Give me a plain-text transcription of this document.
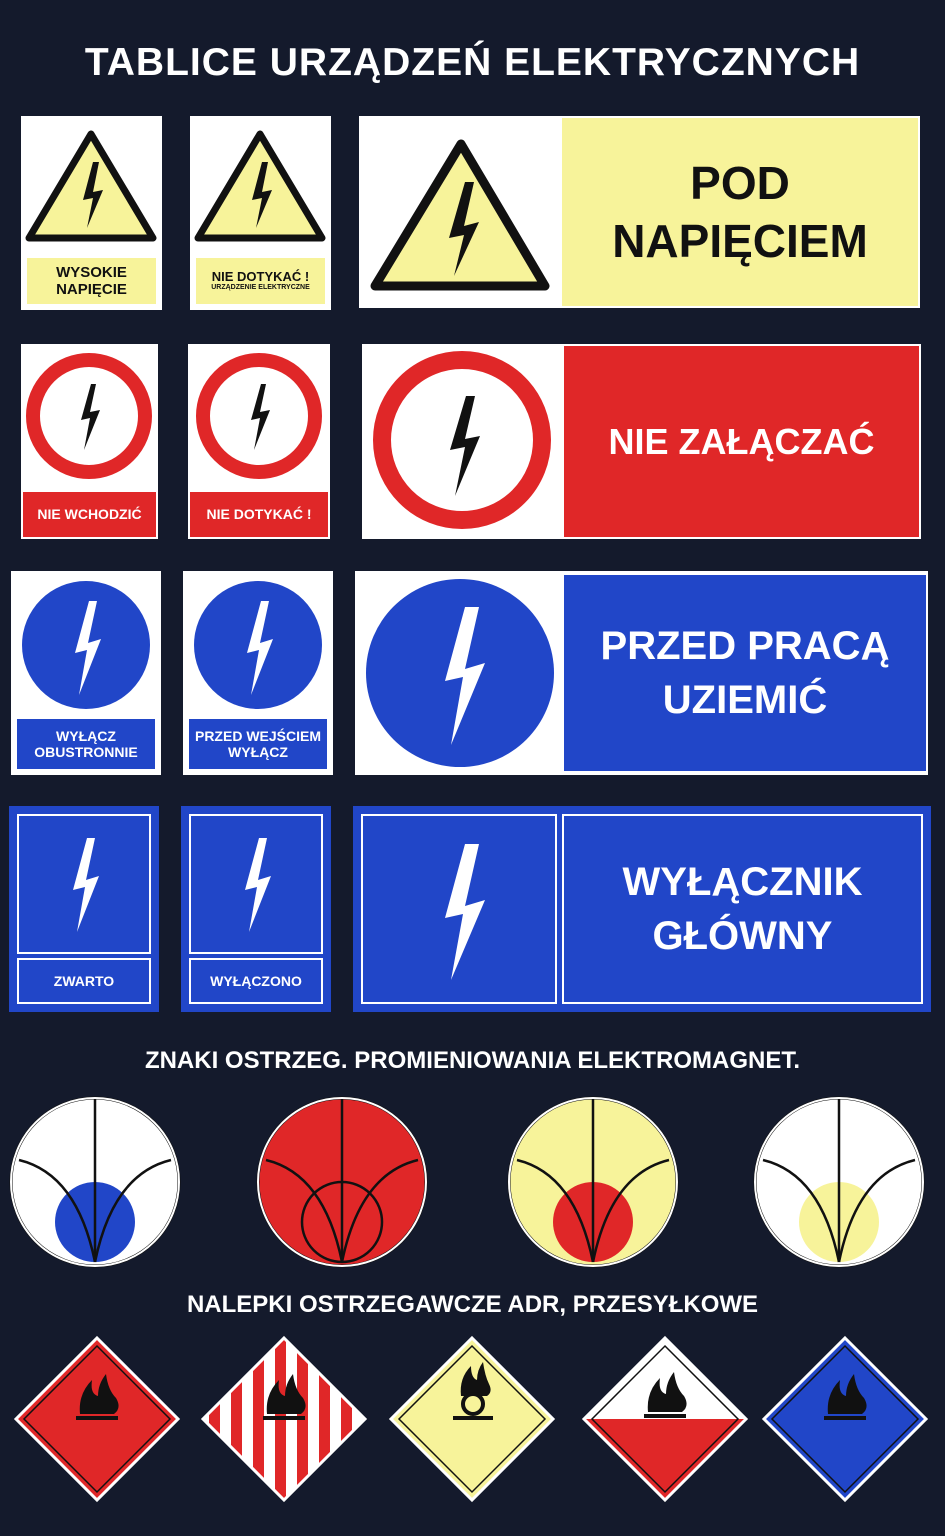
TABLICE URZĄDZEŃ ELEKTRYCZNYCH
WYSOKIE
NAPIĘCIE
NIE DOTYKAĆ !
URZĄDZENIE ELEKTRYCZNE
POD
NAPIĘCIEM
NIE WCHODZIĆ	NIE DOTYKAĆ !
NIE ZAŁĄCZAĆ
WYŁĄCZ
OBUSTRONNIE
PRZED WEJŚCIEM
WYŁĄCZ
PRZED PRACĄ
UZIEMIĆ
ZWARTO	WYŁĄCZONO
WYŁĄCZNIK
GŁÓWNY
ZNAKI OSTRZEG. PROMIENIOWANIA ELEKTROMAGNET.
NALEPKI OSTRZEGAWCZE ADR, PRZESYŁKOWE
